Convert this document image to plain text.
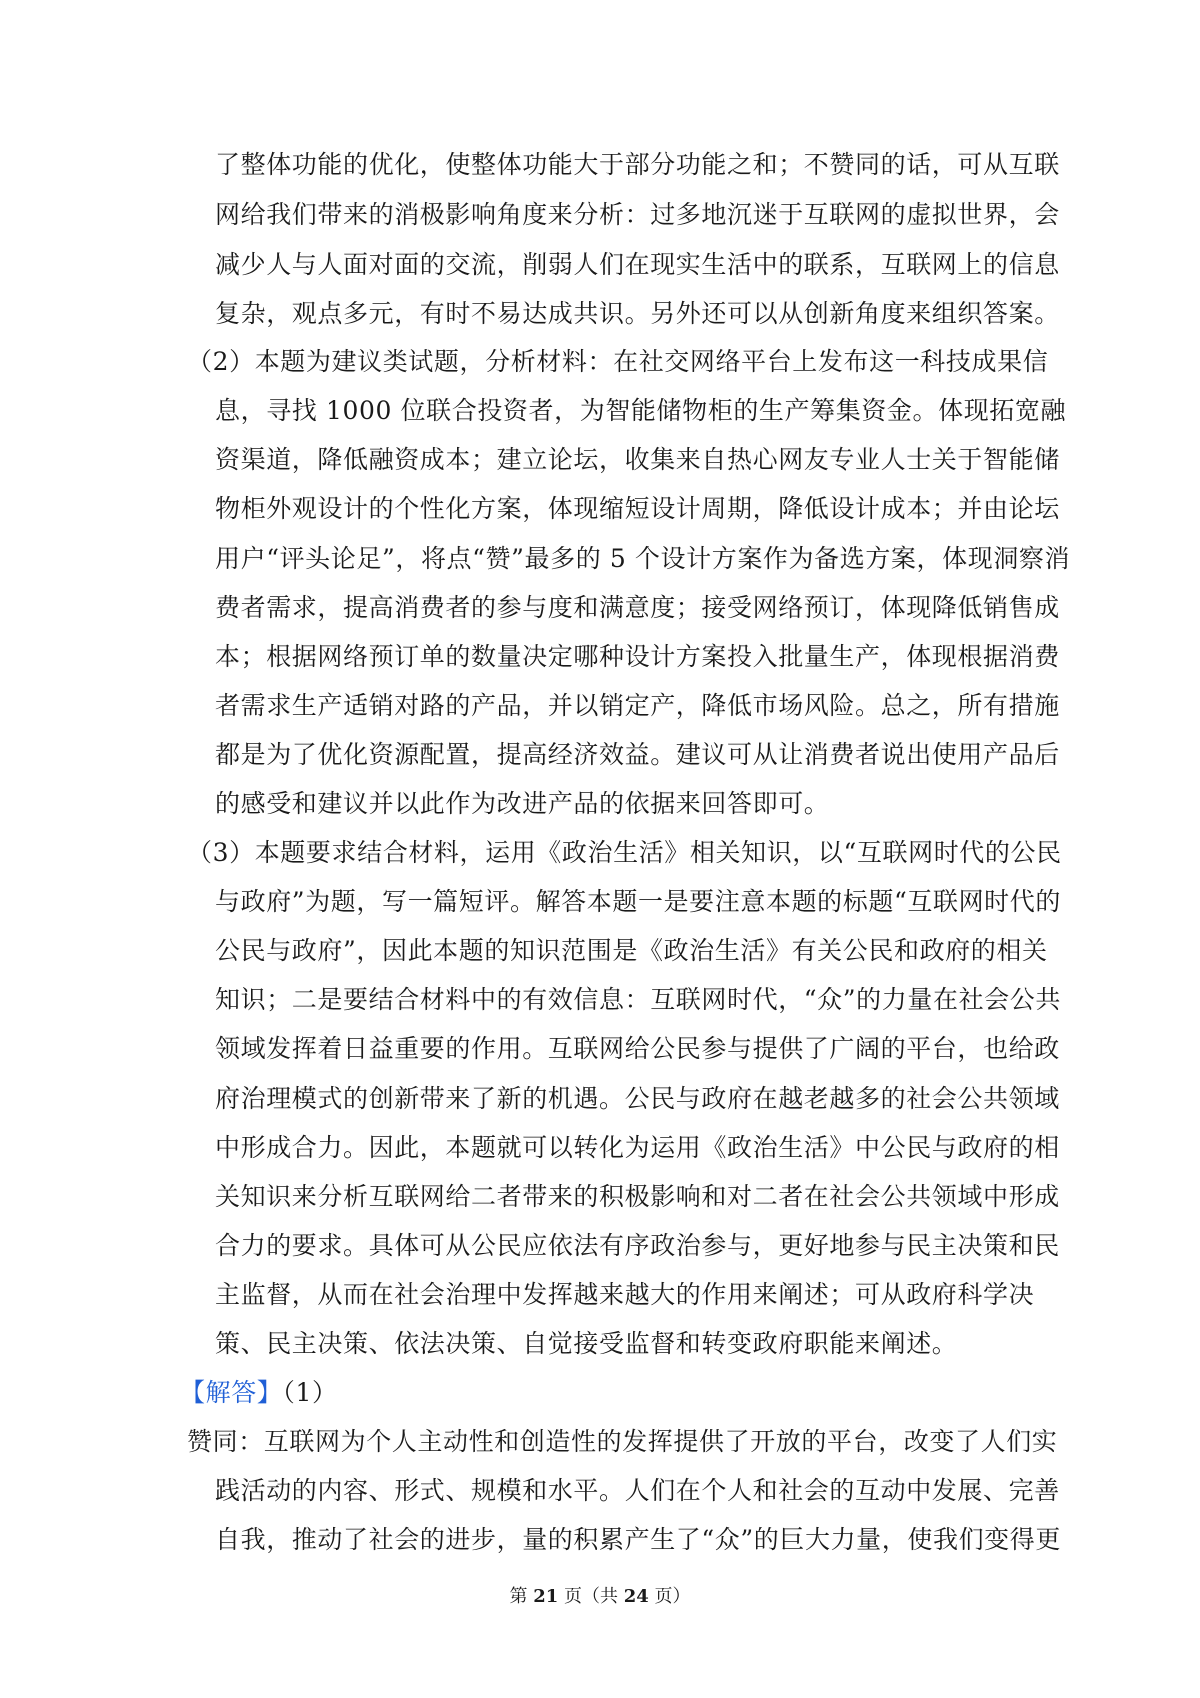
了整体功能的优化，使整体功能大于部分功能之和；不赞同的话，可从互联
网给我们带来的消极影响角度来分析：过多地沉迷于互联网的虚拟世界，会
减少人与人面对面的交流，削弱人们在现实生活中的联系，互联网上的信息
复杂，观点多元，有时不易达成共识。另外还可以从创新角度来组织答案。
（2）本题为建议类试题，分析材料：在社交网络平台上发布这一科技成果信
息，寻找 1000 位联合投资者，为智能储物柜的生产筹集资金。体现拓宽融
资渠道，降低融资成本；建立论坛，收集来自热心网友专业人士关于智能储
物柜外观设计的个性化方案，体现缩短设计周期，降低设计成本；并由论坛
用户“评头论足”，将点“赞”最多的 5 个设计方案作为备选方案，体现洞察消
费者需求，提高消费者的参与度和满意度；接受网络预订，体现降低销售成
本；根据网络预订单的数量决定哪种设计方案投入批量生产，体现根据消费
者需求生产适销对路的产品，并以销定产，降低市场风险。总之，所有措施
都是为了优化资源配置，提高经济效益。建议可从让消费者说出使用产品后
的感受和建议并以此作为改进产品的依据来回答即可。
（3）本题要求结合材料，运用《政治生活》相关知识，以“互联网时代的公民
与政府”为题，写一篇短评。解答本题一是要注意本题的标题“互联网时代的
公民与政府”，因此本题的知识范围是《政治生活》有关公民和政府的相关
知识；二是要结合材料中的有效信息：互联网时代，“众”的力量在社会公共
领域发挥着日益重要的作用。互联网给公民参与提供了广阔的平台，也给政
府治理模式的创新带来了新的机遇。公民与政府在越老越多的社会公共领域
中形成合力。因此，本题就可以转化为运用《政治生活》中公民与政府的相
关知识来分析互联网给二者带来的积极影响和对二者在社会公共领域中形成
合力的要求。具体可从公民应依法有序政治参与，更好地参与民主决策和民
主监督，从而在社会治理中发挥越来越大的作用来阐述；可从政府科学决
策、民主决策、依法决策、自觉接受监督和转变政府职能来阐述。
【解答】（1）
赞同：互联网为个人主动性和创造性的发挥提供了开放的平台，改变了人们实
践活动的内容、形式、规模和水平。人们在个人和社会的互动中发展、完善
自我，推动了社会的进步，量的积累产生了“众”的巨大力量，使我们变得更
第 21 页（共 24 页）
